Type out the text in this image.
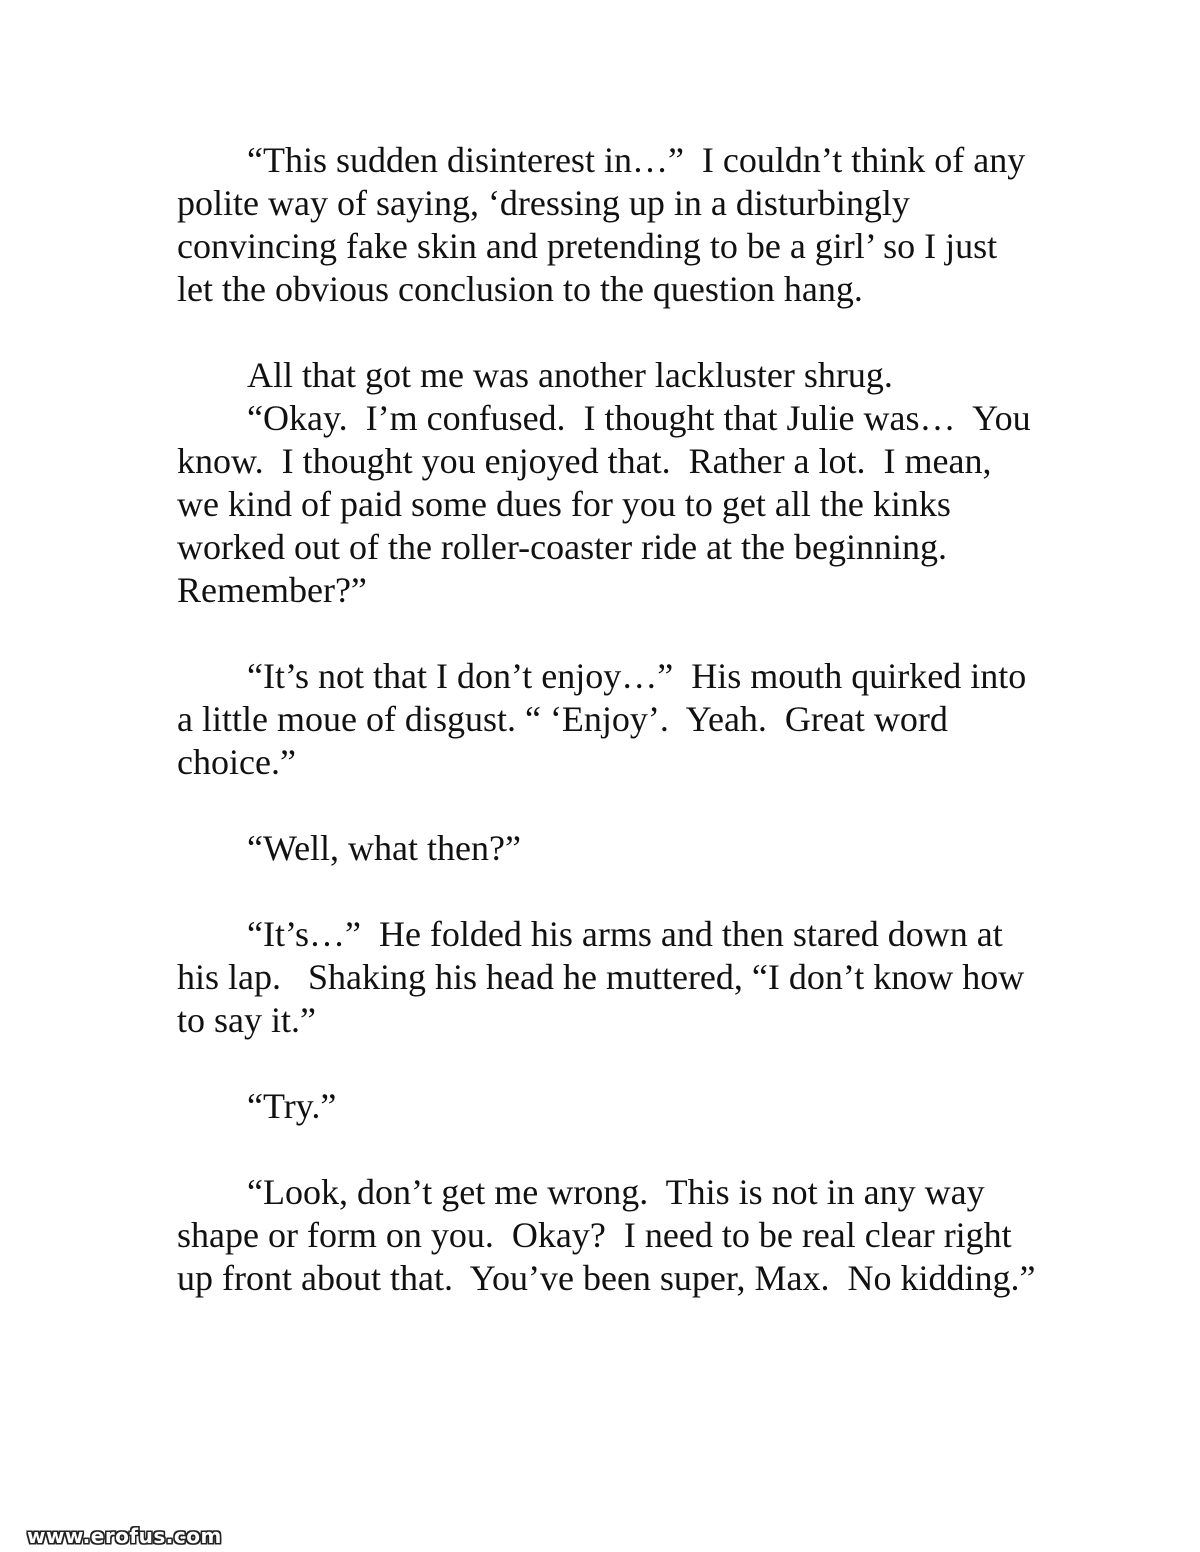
“This sudden disinterest in…”  I couldn’t think of any polite way of saying, ‘dressing up in a disturbingly convincing fake skin and pretending to be a girl’ so I just let the obvious conclusion to the question hang.

All that got me was another lackluster shrug.

“Okay.  I’m confused.  I thought that Julie was…  You know.  I thought you enjoyed that.  Rather a lot.  I mean, we kind of paid some dues for you to get all the kinks worked out of the roller-coaster ride at the beginning.  Remember?”

“It’s not that I don’t enjoy…”  His mouth quirked into a little moue of disgust. “ ‘Enjoy’.  Yeah.  Great word choice.”

“Well, what then?”

“It’s…”  He folded his arms and then stared down at his lap.   Shaking his head he muttered, “I don’t know how to say it.”

“Try.”

“Look, don’t get me wrong.  This is not in any way shape or form on you.  Okay?  I need to be real clear right up front about that.  You’ve been super, Max.  No kidding.”

www.erofus.com
